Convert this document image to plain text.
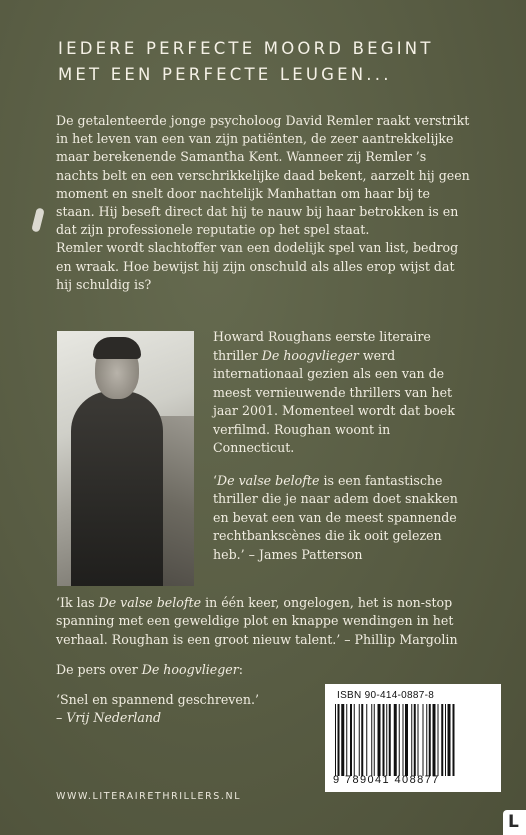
IEDERE PERFECTE MOORD BEGINT
MET EEN PERFECTE LEUGEN...

De getalenteerde jonge psycholoog David Remler raakt verstrikt in het leven van een van zijn patiënten, de zeer aantrekkelijke maar berekenende Samantha Kent. Wanneer zij Remler ’s nachts belt en een verschrikkelijke daad bekent, aarzelt hij geen moment en snelt door nachtelijk Manhattan om haar bij te staan. Hij beseft direct dat hij te nauw bij haar betrokken is en dat zijn professionele reputatie op het spel staat.

Remler wordt slachtoffer van een dodelijk spel van list, bedrog en wraak. Hoe bewijst hij zijn onschuld als alles erop wijst dat hij schuldig is?

Howard Roughans eerste literaire thriller De hoogvlieger werd internationaal gezien als een van de meest vernieuwende thrillers van het jaar 2001. Momenteel wordt dat boek verfilmd. Roughan woont in Connecticut.

‘De valse belofte is een fantastische thriller die je naar adem doet snakken en bevat een van de meest spannende rechtbankscènes die ik ooit gelezen heb.’ – James Patterson

‘Ik las De valse belofte in één keer, ongelogen, het is non-stop spanning met een geweldige plot en knappe wendingen in het verhaal. Roughan is een groot nieuw talent.’ – Phillip Margolin

De pers over De hoogvlieger:

‘Snel en spannend geschreven.’
– Vrij Nederland

ISBN 90-414-0887-8
9 789041 408877
WWW.LITERAIRETHRILLERS.NL
L
